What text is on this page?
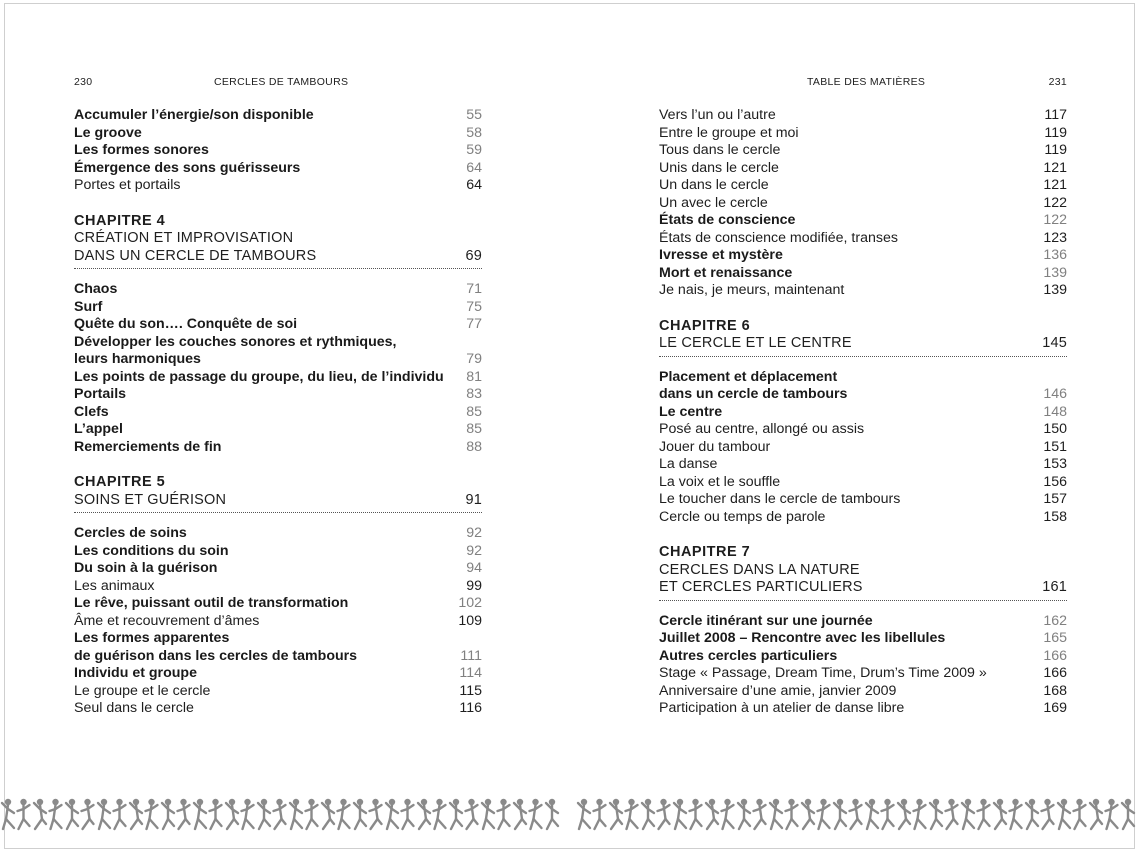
230	CERCLES DE TAMBOURS
Accumuler l’énergie/son disponible	55
Le groove	58
Les formes sonores	59
Émergence des sons guérisseurs	64
Portes et portails	64
CHAPITRE 4
CRÉATION ET IMPROVISATION
DANS UN CERCLE DE TAMBOURS	69
Chaos	71
Surf	75
Quête du son…. Conquête de soi	77
Développer les couches sonores et rythmiques,
leurs harmoniques	79
Les points de passage du groupe, du lieu, de l’individu 81
Portails	83
Clefs	85
L’appel	85
Remerciements de fin	88
CHAPITRE 5
SOINS ET GUÉRISON	91
Cercles de soins	92
Les conditions du soin	92
Du soin à la guérison	94
Les animaux	99
Le rêve, puissant outil de transformation	102
Âme et recouvrement d’âmes	109
Les formes apparentes
de guérison dans les cercles de tambours	111
Individu et groupe	114
Le groupe et le cercle	115
Seul dans le cercle	116
TABLE DES MATIÈRES	231
Vers l’un ou l’autre	117
Entre le groupe et moi	119
Tous dans le cercle	119
Unis dans le cercle	121
Un dans le cercle	121
Un avec le cercle	122
États de conscience	122
États de conscience modifiée, transes	123
Ivresse et mystère	136
Mort et renaissance	139
Je nais, je meurs, maintenant	139
CHAPITRE 6
LE CERCLE ET LE CENTRE	145
Placement et déplacement
dans un cercle de tambours	146
Le centre	148
Posé au centre, allongé ou assis	150
Jouer du tambour	151
La danse	153
La voix et le souffle	156
Le toucher dans le cercle de tambours	157
Cercle ou temps de parole	158
CHAPITRE 7
CERCLES DANS LA NATURE
ET CERCLES PARTICULIERS	161
Cercle itinérant sur une journée	162
Juillet 2008 – Rencontre avec les libellules	165
Autres cercles particuliers	166
Stage « Passage, Dream Time, Drum’s Time 2009 »	166
Anniversaire d’une amie, janvier 2009	168
Participation à un atelier de danse libre	169
